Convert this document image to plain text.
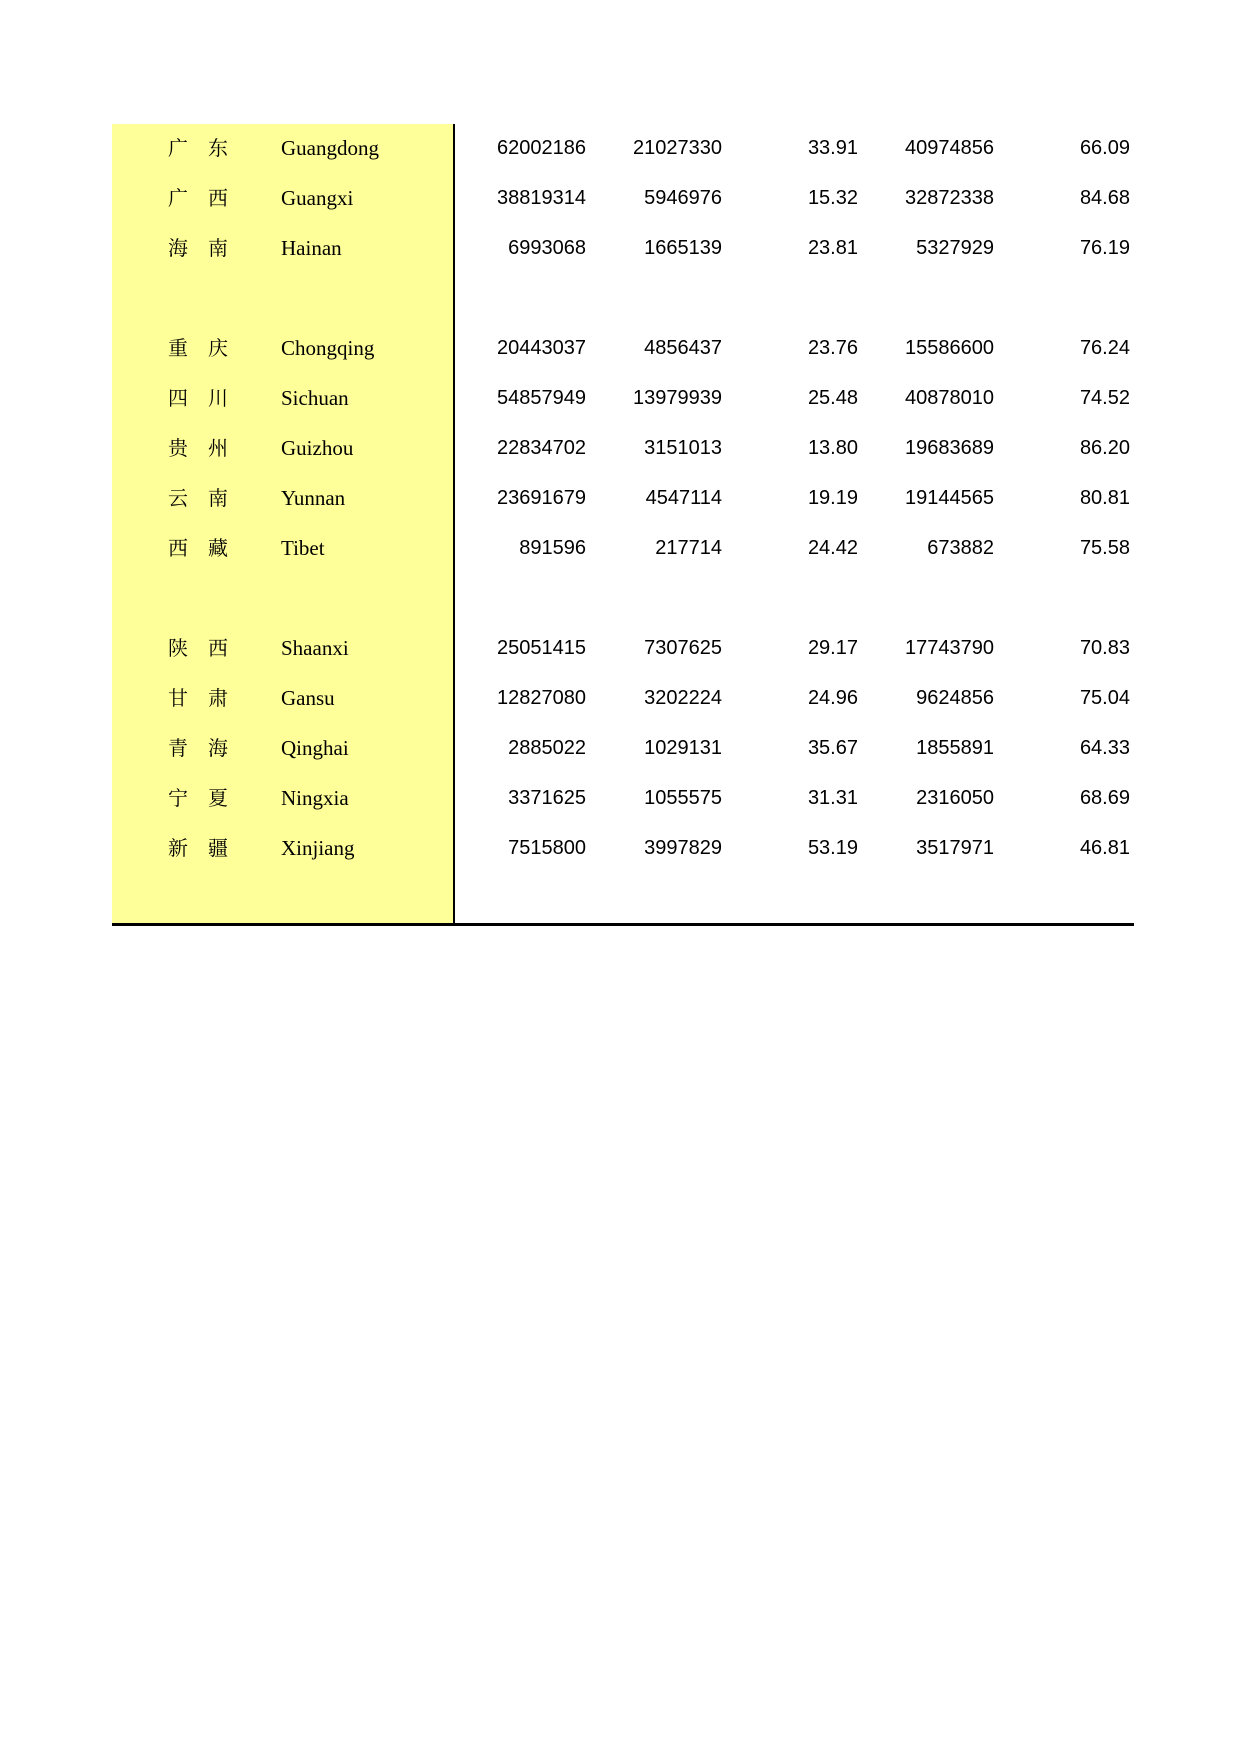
广东 Guangdong	62002186	21027330	33.91	40974856	66.09
广西 Guangxi	38819314	5946976	15.32	32872338	84.68
海南 Hainan	6993068	1665139	23.81	5327929	76.19
重庆 Chongqing	20443037	4856437	23.76	15586600	76.24
四川 Sichuan	54857949	13979939	25.48	40878010	74.52
贵州 Guizhou	22834702	3151013	13.80	19683689	86.20
云南 Yunnan	23691679	4547114	19.19	19144565	80.81
西藏 Tibet	891596	217714	24.42	673882	75.58
陕西 Shaanxi	25051415	7307625	29.17	17743790	70.83
甘肃 Gansu	12827080	3202224	24.96	9624856	75.04
青海 Qinghai	2885022	1029131	35.67	1855891	64.33
宁夏 Ningxia	3371625	1055575	31.31	2316050	68.69
新疆 Xinjiang	7515800	3997829	53.19	3517971	46.81
